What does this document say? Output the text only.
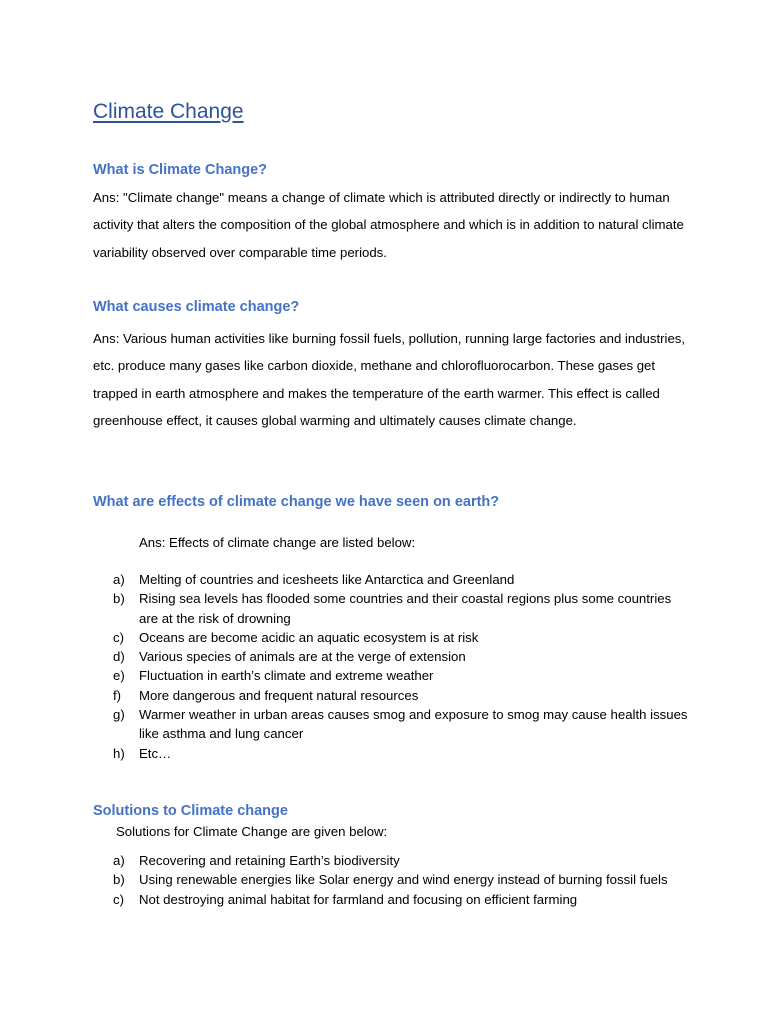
Climate Change
What is Climate Change?

Ans: "Climate change" means a change of climate which is attributed directly or indirectly to human activity that alters the composition of the global atmosphere and which is in addition to natural climate variability observed over comparable time periods.

What causes climate change?

Ans: Various human activities like burning fossil fuels, pollution, running large factories and industries, etc. produce many gases like carbon dioxide, methane and chlorofluorocarbon. These gases get trapped in earth atmosphere and makes the temperature of the earth warmer. This effect is called greenhouse effect, it causes global warming and ultimately causes climate change.

What are effects of climate change we have seen on earth?

Ans: Effects of climate change are listed below:

a) Melting of countries and icesheets like Antarctica and Greenland
b) Rising sea levels has flooded some countries and their coastal regions plus some countries are at the risk of drowning
c) Oceans are become acidic an aquatic ecosystem is at risk
d) Various species of animals are at the verge of extension
e) Fluctuation in earth’s climate and extreme weather
f) More dangerous and frequent natural resources
g) Warmer weather in urban areas causes smog and exposure to smog may cause health issues like asthma and lung cancer
h) Etc…
Solutions to Climate change

Solutions for Climate Change are given below:

a) Recovering and retaining Earth’s biodiversity
b) Using renewable energies like Solar energy and wind energy instead of burning fossil fuels
c) Not destroying animal habitat for farmland and focusing on efficient farming
